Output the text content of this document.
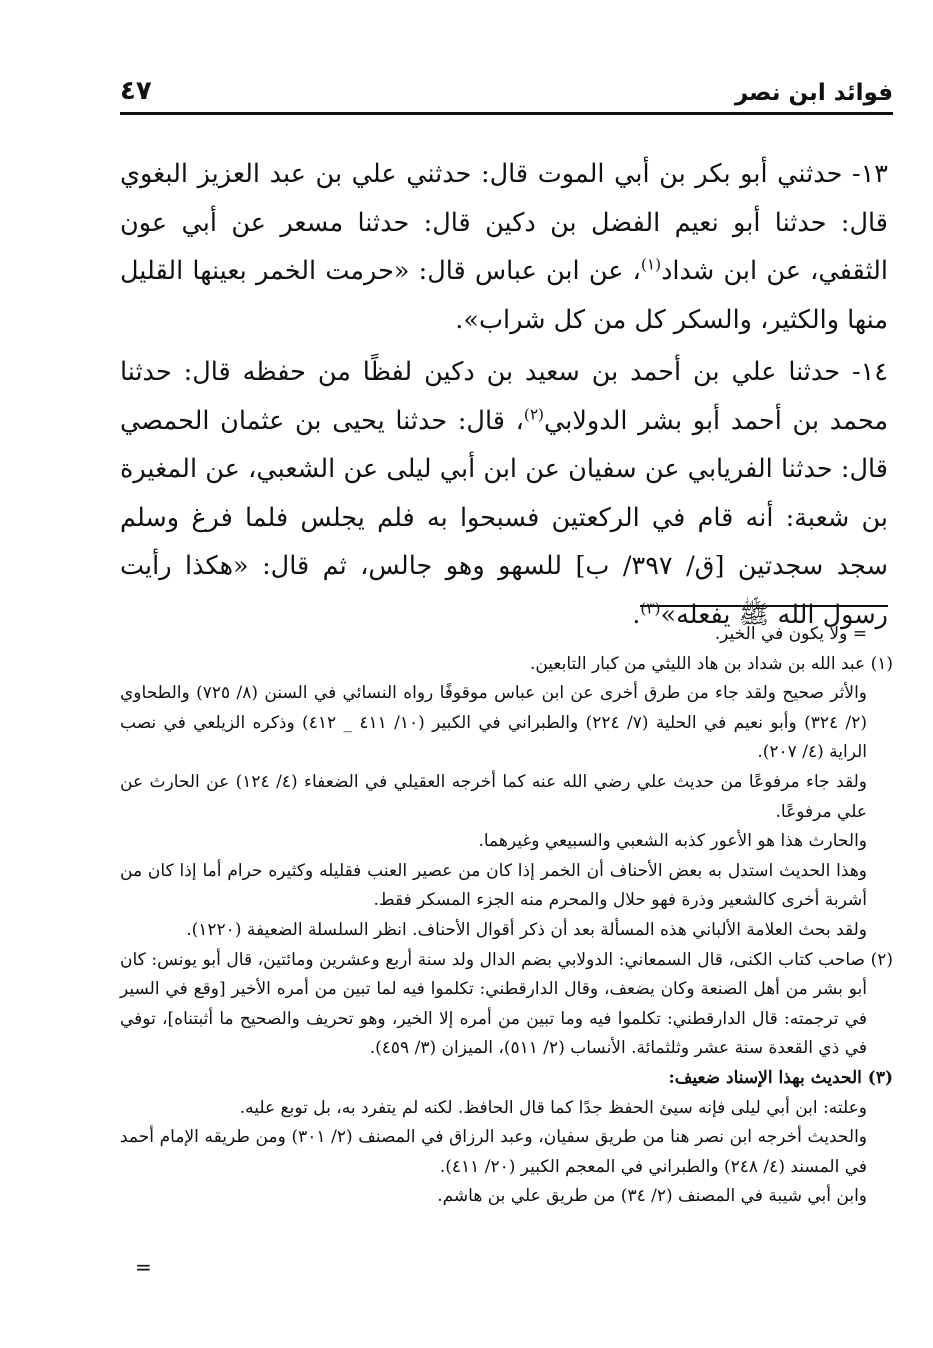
٤٧	فوائد ابن نصر

١٣- حدثني أبو بكر بن أبي الموت قال: حدثني علي بن عبد العزيز البغوي قال: حدثنا أبو نعيم الفضل بن دكين قال: حدثنا مسعر عن أبي عون الثقفي، عن ابن شداد$^{(١)}$، عن ابن عباس قال: «حرمت الخمر بعينها القليل منها والكثير، والسكر كل من كل شراب».

١٤- حدثنا علي بن أحمد بن سعيد بن دكين لفظًا من حفظه قال: حدثنا محمد بن أحمد أبو بشر الدولابي$^{(٢)}$، قال: حدثنا يحيى بن عثمان الحمصي قال: حدثنا الفريابي عن سفيان عن ابن أبي ليلى عن الشعبي، عن المغيرة بن شعبة: أنه قام في الركعتين فسبحوا به فلم يجلس فلما فرغ وسلم سجد سجدتين [ق/ ٣٩٧/ ب] للسهو وهو جالس، ثم قال: «هكذا رأيت رسول الله ﷺ يفعله»$^{(٣)}$.

= ولا يكون في الخير.

(١) عبد الله بن شداد بن هاد الليثي من كبار التابعين.

والأثر صحيح ولقد جاء من طرق أخرى عن ابن عباس موقوفًا رواه النسائي في السنن (٨/ ٧٢٥) والطحاوي (٢/ ٣٢٤) وأبو نعيم في الحلية (٧/ ٢٢٤) والطبراني في الكبير (١٠/ ٤١١ _ ٤١٢) وذكره الزيلعي في نصب الراية (٤/ ٢٠٧).

ولقد جاء مرفوعًا من حديث علي رضي الله عنه كما أخرجه العقيلي في الضعفاء (٤/ ١٢٤) عن الحارث عن علي مرفوعًا.

والحارث هذا هو الأعور كذبه الشعبي والسبيعي وغيرهما.

وهذا الحديث استدل به بعض الأحناف أن الخمر إذا كان من عصير العنب فقليله وكثيره حرام أما إذا كان من أشربة أخرى كالشعير وذرة فهو حلال والمحرم منه الجزء المسكر فقط.

ولقد بحث العلامة الألباني هذه المسألة بعد أن ذكر أقوال الأحناف. انظر السلسلة الضعيفة (١٢٢٠).

(٢) صاحب كتاب الكنى، قال السمعاني: الدولابي بضم الدال ولد سنة أربع وعشرين ومائتين، قال أبو يونس: كان أبو بشر من أهل الصنعة وكان يضعف، وقال الدارقطني: تكلموا فيه لما تبين من أمره الأخير [وقع في السير في ترجمته: قال الدارقطني: تكلموا فيه وما تبين من أمره إلا الخير، وهو تحريف والصحيح ما أثبتناه]، توفي في ذي القعدة سنة عشر وثلثمائة. الأنساب (٢/ ٥١١)، الميزان (٣/ ٤٥٩).

(٣) الحديث بهذا الإسناد ضعيف:

وعلته: ابن أبي ليلى فإنه سيئ الحفظ جدًا كما قال الحافظ. لكنه لم يتفرد به، بل توبع عليه.

والحديث أخرجه ابن نصر هنا من طريق سفيان، وعبد الرزاق في المصنف (٢/ ٣٠١) ومن طريقه الإمام أحمد في المسند (٤/ ٢٤٨) والطبراني في المعجم الكبير (٢٠/ ٤١١).

وابن أبي شيبة في المصنف (٢/ ٣٤) من طريق علي بن هاشم.

=
